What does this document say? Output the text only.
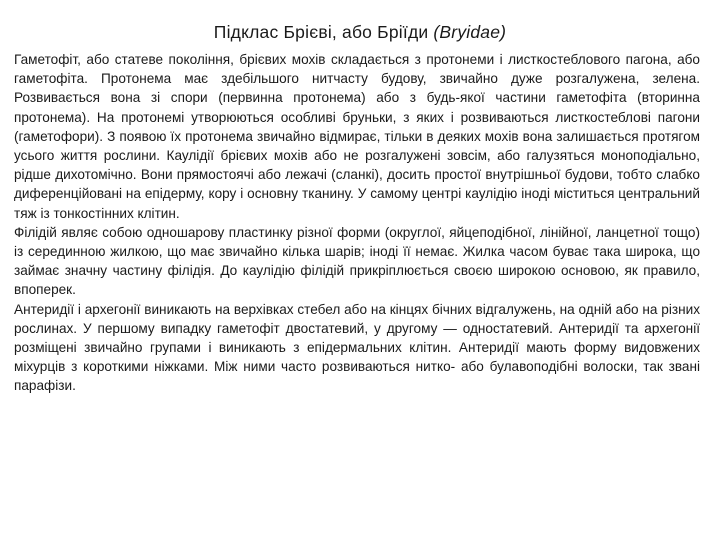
Підклас Брієві, або Бріїди (Bryidae)

Гаметофіт, або статеве покоління, брієвих мохів складається з протонеми і листкостеблового пагона, або гаметофіта. Протонема має здебільшого нитчасту будову, звичайно дуже розгалужена, зелена. Розвивається вона зі спори (первинна протонема) або з будь-якої частини гаметофіта (вторинна протонема). На протонемі утворюються особливі бруньки, з яких і розвиваються листкостеблові пагони (гаметофори). З появою їх протонема звичайно відмирає, тільки в деяких мохів вона залишається протягом усього життя рослини. Каулідії брієвих мохів або не розгалужені зовсім, або галузяться моноподіально, рідше дихотомічно. Вони прямостоячі або лежачі (сланкі), досить простої внутрішньої будови, тобто слабко диференційовані на епідерму, кору і основну тканину. У самому центрі каулідію іноді міститься центральний тяж із тонкостінних клітин.

Філідій являє собою одношарову пластинку різної форми (округлої, яйцеподібної, лінійної, ланцетної тощо) із серединною жилкою, що має звичайно кілька шарів; іноді її немає. Жилка часом буває така широка, що займає значну частину філідія. До каулідію філідій прикріплюється своєю широкою основою, як правило, впоперек.

Антеридії і архегонії виникають на верхівках стебел або на кінцях бічних відгалужень, на одній або на різних рослинах. У першому випадку гаметофіт двостатевий, у другому — одностатевий. Антеридії та архегонії розміщені звичайно групами і виникають з епідермальних клітин. Антеридії мають форму видовжених міхурців з короткими ніжками. Між ними часто розвиваються нитко- або булавоподібні волоски, так звані парафізи.
